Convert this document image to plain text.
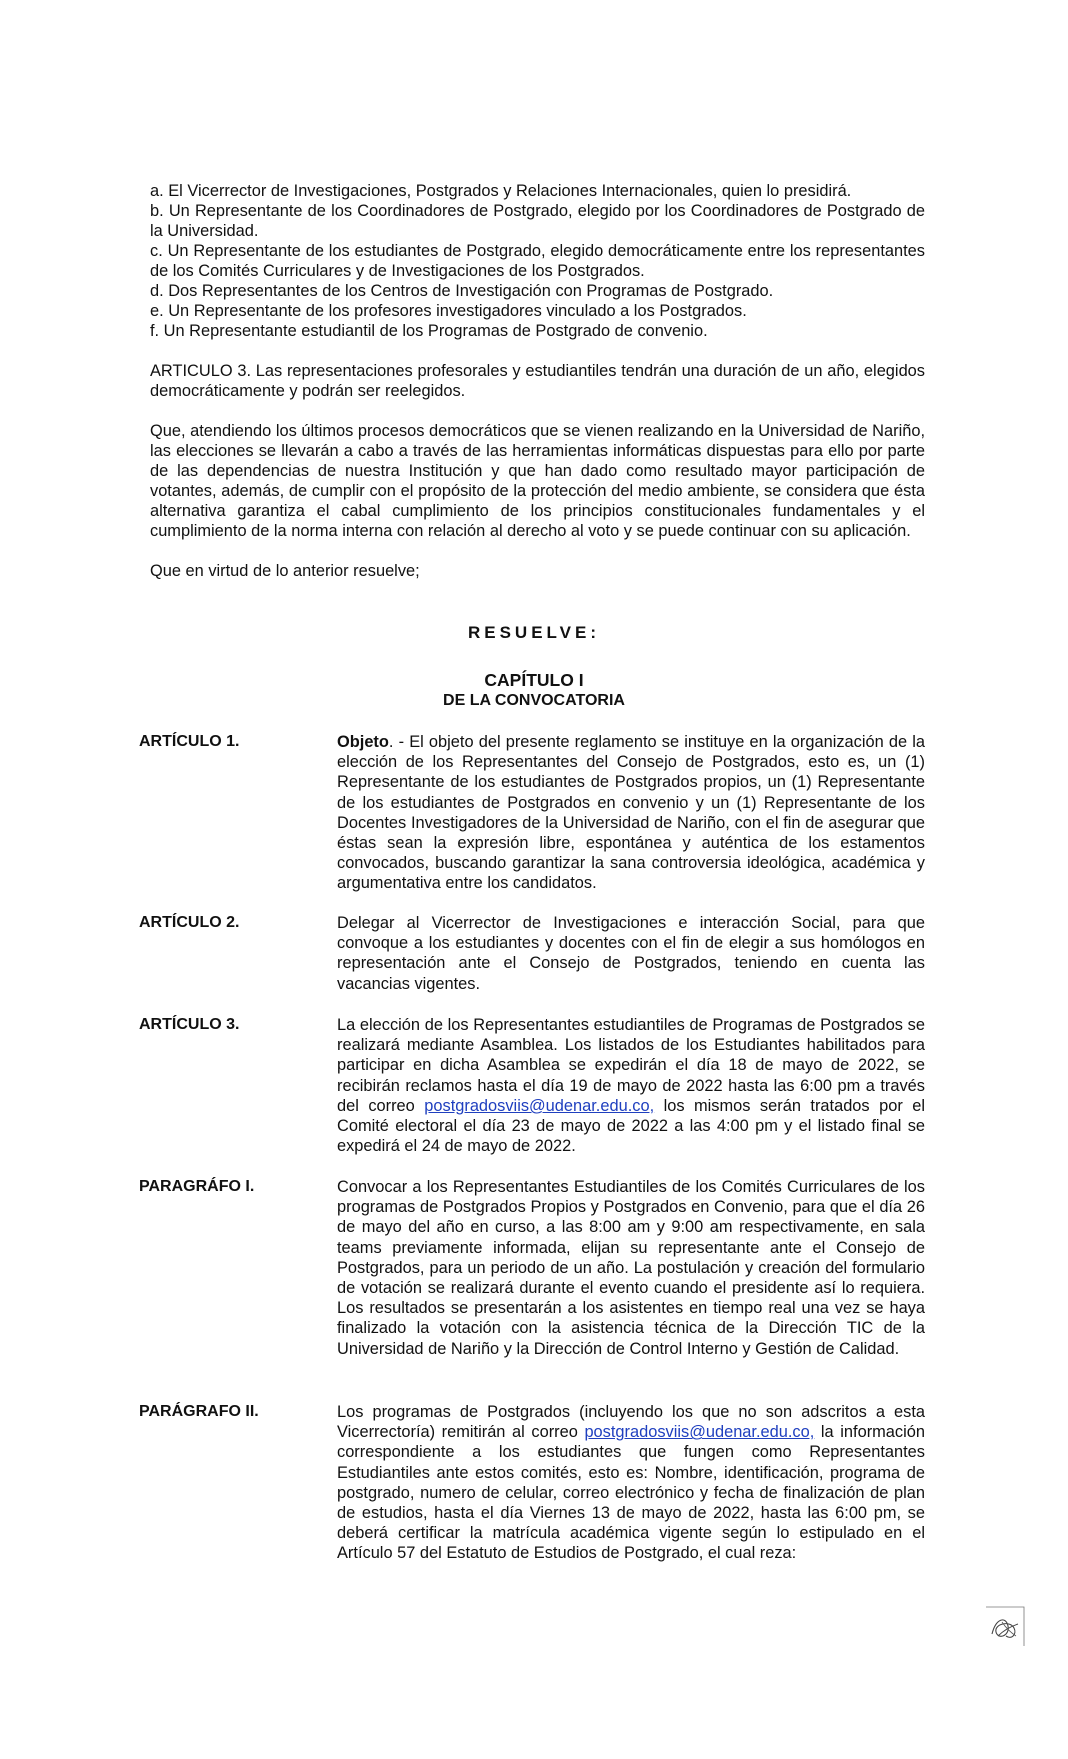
a. El Vicerrector de Investigaciones, Postgrados y Relaciones Internacionales, quien lo presidirá.

b. Un Representante de los Coordinadores de Postgrado, elegido por los Coordinadores de Postgrado de la Universidad.

c. Un Representante de los estudiantes de Postgrado, elegido democráticamente entre los representantes de los Comités Curriculares y de Investigaciones de los Postgrados.

d. Dos Representantes de los Centros de Investigación con Programas de Postgrado.

e. Un Representante de los profesores investigadores vinculado a los Postgrados.

f. Un Representante estudiantil de los Programas de Postgrado de convenio.

ARTICULO 3. Las representaciones profesorales y estudiantiles tendrán una duración de un año, elegidos democráticamente y podrán ser reelegidos.

Que, atendiendo los últimos procesos democráticos que se vienen realizando en la Universidad de Nariño, las elecciones se llevarán a cabo a través de las herramientas informáticas dispuestas para ello por parte de las dependencias de nuestra Institución y que han dado como resultado mayor participación de votantes, además, de cumplir con el propósito de la protección del medio ambiente, se considera que ésta alternativa garantiza el cabal cumplimiento de los principios constitucionales fundamentales y el cumplimiento de la norma interna con relación al derecho al voto y se puede continuar con su aplicación.

Que en virtud de lo anterior resuelve;

RESUELVE:
CAPÍTULO I
DE LA CONVOCATORIA
ARTÍCULO 1.	Objeto. - El objeto del presente reglamento se instituye en la organización de la elección de los Representantes del Consejo de Postgrados, esto es, un (1) Representante de los estudiantes de Postgrados propios, un (1) Representante de los estudiantes de Postgrados en convenio y un (1) Representante de los Docentes Investigadores de la Universidad de Nariño, con el fin de asegurar que éstas sean la expresión libre, espontánea y auténtica de los estamentos convocados, buscando garantizar la sana controversia ideológica, académica y argumentativa entre los candidatos.
ARTÍCULO 2.	Delegar al Vicerrector de Investigaciones e interacción Social, para que convoque a los estudiantes y docentes con el fin de elegir a sus homólogos en representación ante el Consejo de Postgrados, teniendo en cuenta las vacancias vigentes.
ARTÍCULO 3.	La elección de los Representantes estudiantiles de Programas de Postgrados se realizará mediante Asamblea. Los listados de los Estudiantes habilitados para participar en dicha Asamblea se expedirán el día 18 de mayo de 2022, se recibirán reclamos hasta el día 19 de mayo de 2022 hasta las 6:00 pm a través del correo postgradosviis@udenar.edu.co, los mismos serán tratados por el Comité electoral el día 23 de mayo de 2022 a las 4:00 pm y el listado final se expedirá el 24 de mayo de 2022.
PARAGRÁFO I.	Convocar a los Representantes Estudiantiles de los Comités Curriculares de los programas de Postgrados Propios y Postgrados en Convenio, para que el día 26 de mayo del año en curso, a las 8:00 am y 9:00 am respectivamente, en sala teams previamente informada, elijan su representante ante el Consejo de Postgrados, para un periodo de un año. La postulación y creación del formulario de votación se realizará durante el evento cuando el presidente así lo requiera. Los resultados se presentarán a los asistentes en tiempo real una vez se haya finalizado la votación con la asistencia técnica de la Dirección TIC de la Universidad de Nariño y la Dirección de Control Interno y Gestión de Calidad.
PARÁGRAFO II.	Los programas de Postgrados (incluyendo los que no son adscritos a esta Vicerrectoría) remitirán al correo postgradosviis@udenar.edu.co, la información correspondiente a los estudiantes que fungen como Representantes Estudiantiles ante estos comités, esto es: Nombre, identificación, programa de postgrado, numero de celular, correo electrónico y fecha de finalización de plan de estudios, hasta el día Viernes 13 de mayo de 2022, hasta las 6:00 pm, se deberá certificar la matrícula académica vigente según lo estipulado en el Artículo 57 del Estatuto de Estudios de Postgrado, el cual reza:
